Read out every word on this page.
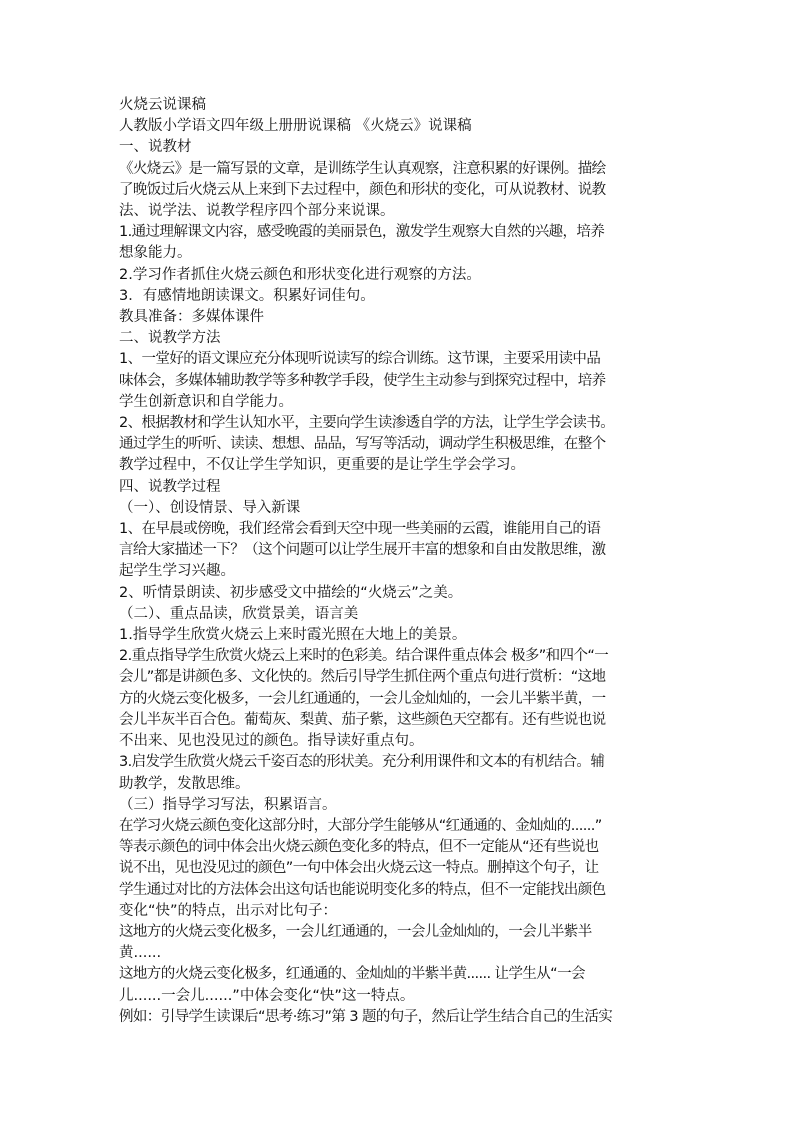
火烧云说课稿
人教版小学语文四年级上册册说课稿 《火烧云》说课稿
一、说教材
《火烧云》是一篇写景的文章，是训练学生认真观察，注意积累的好课例。描绘
了晚饭过后火烧云从上来到下去过程中，颜色和形状的变化，可从说教材、说教
法、说学法、说教学程序四个部分来说课。
1.通过理解课文内容，感受晚霞的美丽景色，激发学生观察大自然的兴趣，培养
想象能力。
2.学习作者抓住火烧云颜色和形状变化进行观察的方法。
3．有感情地朗读课文。积累好词佳句。
教具准备：多媒体课件
二、说教学方法
1、一堂好的语文课应充分体现听说读写的综合训练。这节课，主要采用读中品
味体会，多媒体辅助教学等多种教学手段，使学生主动参与到探究过程中，培养
学生创新意识和自学能力。
2、根据教材和学生认知水平，主要向学生读渗透自学的方法，让学生学会读书。
通过学生的听听、读读、想想、品品，写写等活动，调动学生积极思维，在整个
教学过程中，不仅让学生学知识，更重要的是让学生学会学习。
四、说教学过程
（一）、创设情景、导入新课
1、在早晨或傍晚，我们经常会看到天空中现一些美丽的云霞，谁能用自己的语
言给大家描述一下？（这个问题可以让学生展开丰富的想象和自由发散思维，激
起学生学习兴趣。
2、听情景朗读、初步感受文中描绘的“火烧云”之美。
（二）、重点品读，欣赏景美，语言美
1.指导学生欣赏火烧云上来时霞光照在大地上的美景。
2.重点指导学生欣赏火烧云上来时的色彩美。结合课件重点体会 极多”和四个“一
会儿”都是讲颜色多、文化快的。然后引导学生抓住两个重点句进行赏析：“这地
方的火烧云变化极多，一会儿红通通的，一会儿金灿灿的，一会儿半紫半黄，一
会儿半灰半百合色。葡萄灰、梨黄、茄子紫，这些颜色天空都有。还有些说也说
不出来、见也没见过的颜色。指导读好重点句。
3.启发学生欣赏火烧云千姿百态的形状美。充分利用课件和文本的有机结合。辅
助教学，发散思维。
（三）指导学习写法，积累语言。
在学习火烧云颜色变化这部分时，大部分学生能够从“红通通的、金灿灿的......”
等表示颜色的词中体会出火烧云颜色变化多的特点，但不一定能从“还有些说也
说不出，见也没见过的颜色”一句中体会出火烧云这一特点。删掉这个句子，让
学生通过对比的方法体会出这句话也能说明变化多的特点，但不一定能找出颜色
变化“快”的特点，出示对比句子：
这地方的火烧云变化极多，一会儿红通通的，一会儿金灿灿的，一会儿半紫半
黄......
这地方的火烧云变化极多，红通通的、金灿灿的半紫半黄...... 让学生从“一会
儿......一会儿......”中体会变化“快”这一特点。
例如：引导学生读课后“思考·练习”第 3 题的句子，然后让学生结合自己的生活实
